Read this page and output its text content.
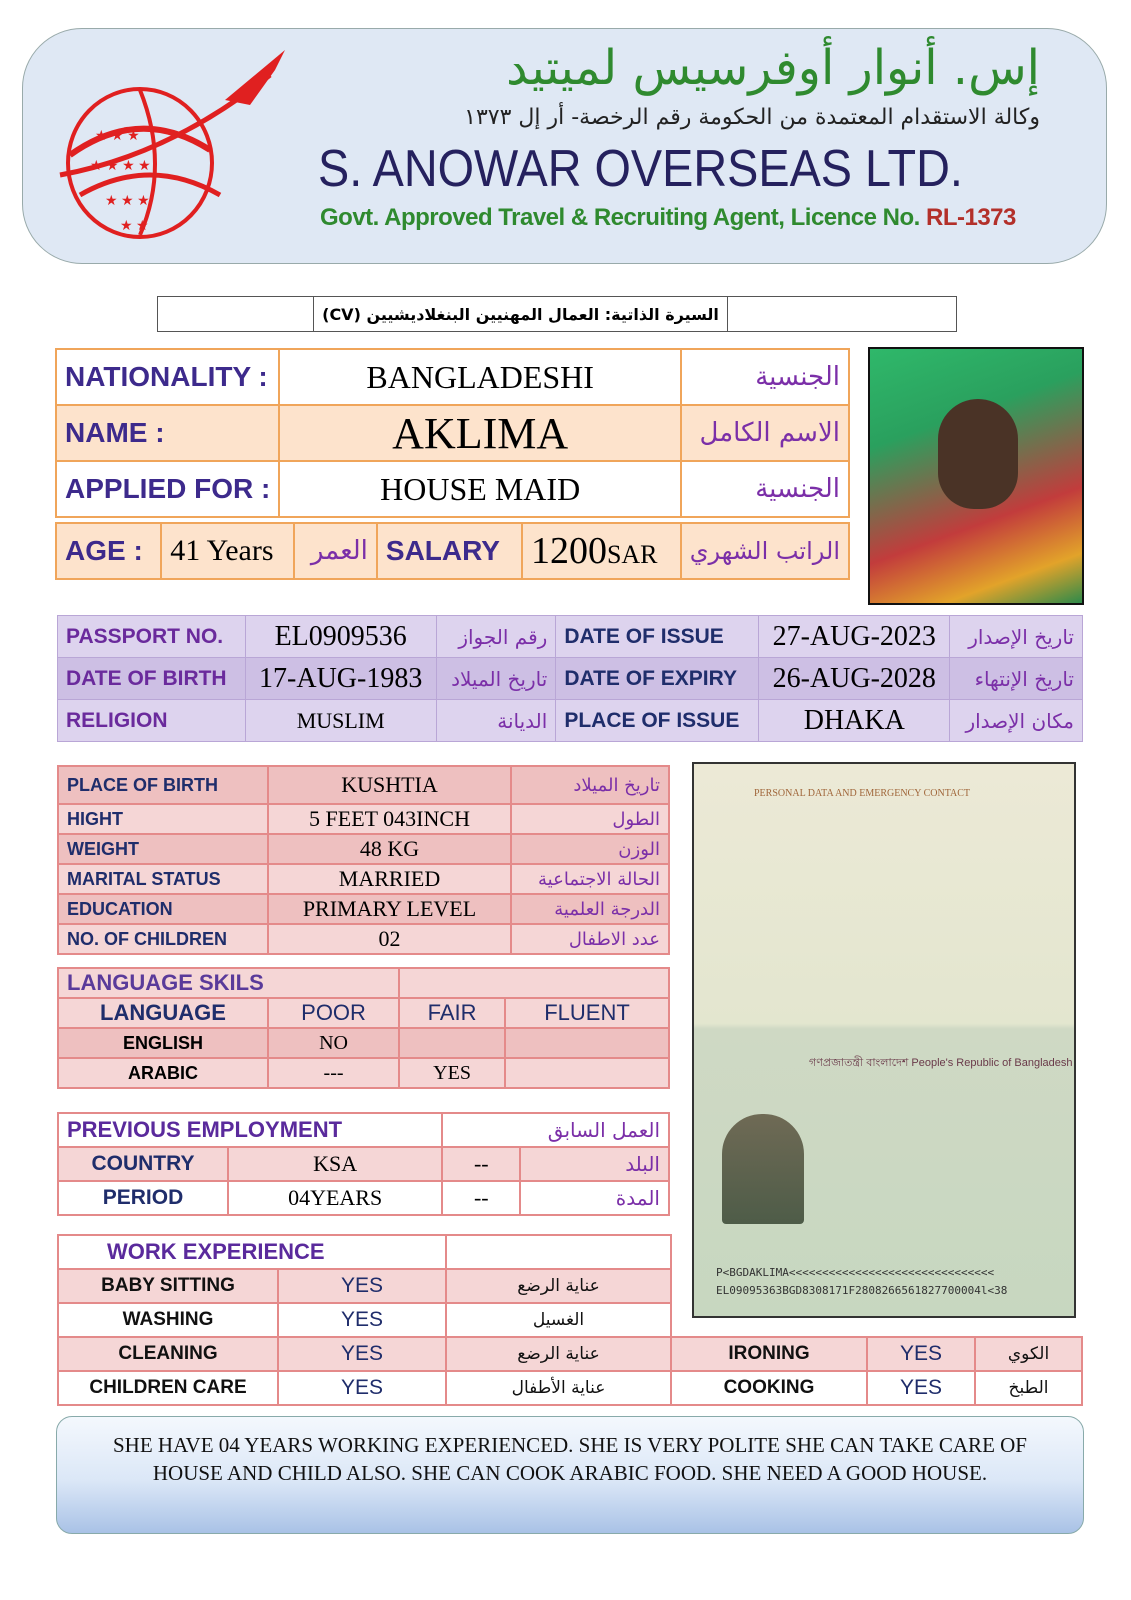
★ ★ ★
★ ★ ★ ★
★ ★ ★
★ ★
إس. أنوار أوفرسيس لميتيد
وكالة الاستقدام المعتمدة من الحكومة رقم الرخصة- أر إل ١٣٧٣
S. ANOWAR OVERSEAS LTD.
Govt. Approved Travel & Recruiting Agent, Licence No. RL-1373
	السيرة الذاتية: العمال المهنيين البنغلاديشيين (CV)	
NATIONALITY :	BANGLADESHI	الجنسية
NAME :	AKLIMA	الاسم الكامل
APPLIED FOR :	HOUSE MAID	الجنسية
AGE :	41 Years	العمر	SALARY	1200SAR	الراتب الشهري
PASSPORT NO.	EL0909536	رقم الجواز	DATE OF ISSUE	27-AUG-2023	تاريخ الإصدار
DATE OF BIRTH	17-AUG-1983	تاريخ الميلاد	DATE OF EXPIRY	26-AUG-2028	تاريخ الإنتهاء
RELIGION	MUSLIM	الديانة	PLACE OF ISSUE	DHAKA	مكان الإصدار
PLACE OF BIRTH	KUSHTIA	تاريخ الميلاد
HIGHT	5 FEET 043INCH	الطول
WEIGHT	48 KG	الوزن
MARITAL STATUS	MARRIED	الحالة الاجتماعية
EDUCATION	PRIMARY LEVEL	الدرجة العلمية
NO. OF CHILDREN	02	عدد الاطفال
LANGUAGE SKILS			
LANGUAGE	POOR	FAIR	FLUENT
ENGLISH	NO		
ARABIC	---	YES	
PREVIOUS EMPLOYMENT		العمل السابق	
COUNTRY	KSA	--	البلد
PERIOD	04YEARS	--	المدة
WORK EXPERIENCE					
BABY SITTING	YES	عناية الرضع			
WASHING	YES	الغسيل			
CLEANING	YES	عناية الرضع	IRONING	YES	الكوي
CHILDREN CARE	YES	عناية الأطفال	COOKING	YES	الطبخ
PERSONAL DATA AND EMERGENCY CONTACT
গণপ্রজাতন্ত্রী বাংলাদেশ People's Republic of Bangladesh
P<BGDAKLIMA<<<<<<<<<<<<<<<<<<<<<<<<<<<<<<<
EL09095363BGD8308171F2808266561827700004l<38
SHE HAVE 04 YEARS WORKING EXPERIENCED. SHE IS VERY POLITE SHE CAN TAKE CARE OF HOUSE AND CHILD ALSO. SHE CAN COOK ARABIC FOOD. SHE NEED A GOOD HOUSE.
